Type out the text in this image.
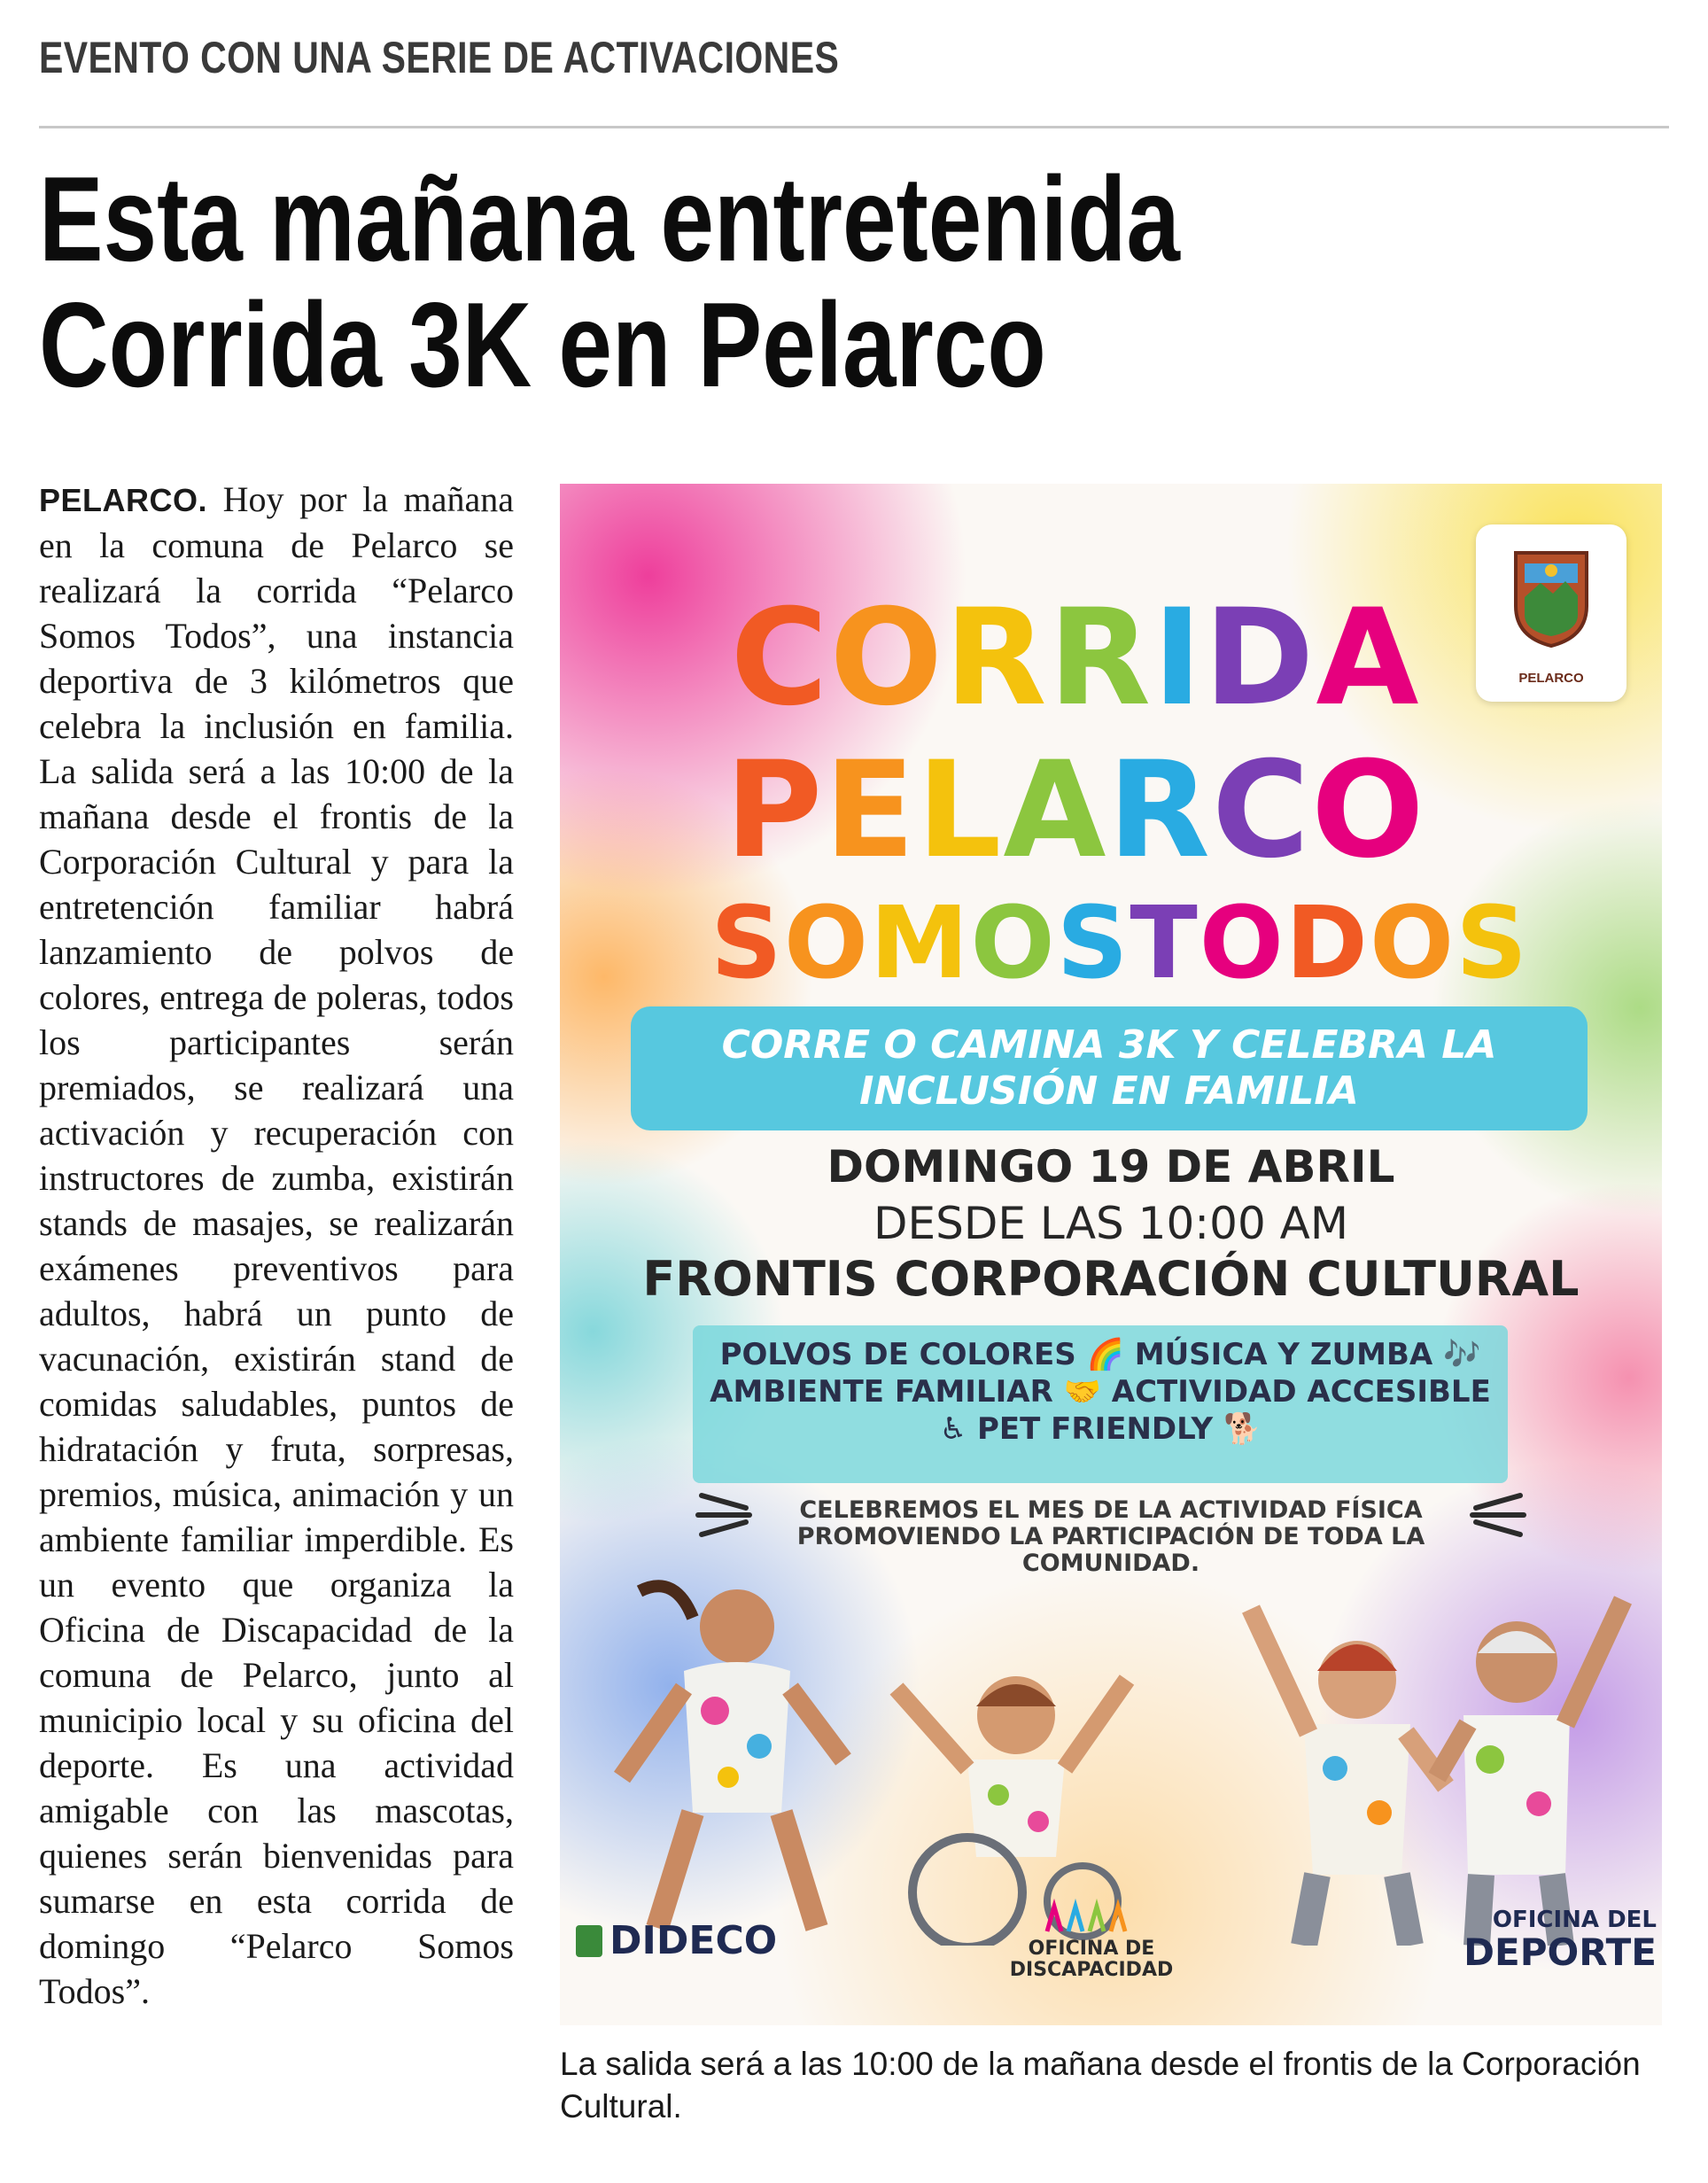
EVENTO CON UNA SERIE DE ACTIVACIONES
Esta mañana entretenida
Corrida 3K en Pelarco
PELARCO. Hoy por la mañana en la comuna de Pelarco se realizará la corrida “Pelarco Somos Todos”, una instancia deportiva de 3 kilómetros que celebra la inclusión en familia. La salida será a las 10:00 de la mañana desde el frontis de la Corporación Cultural y para la entretención familiar habrá lanzamiento de polvos de colores, entrega de poleras, todos los participantes serán premiados, se realizará una activación y recuperación con instructores de zumba, existirán stands de masajes, se realizarán exámenes preventivos para adultos, habrá un punto de vacunación, existirán stand de comidas saludables, puntos de hidratación y fruta, sorpresas, premios, música, animación y un ambiente familiar imperdible. Es un evento que organiza la Oficina de Discapacidad de la comuna de Pelarco, junto al municipio local y su oficina del deporte. Es una actividad amigable con las mascotas, quienes serán bienvenidas para sumarse en esta corrida de domingo “Pelarco Somos Todos”.
PELARCO
CORRIDA
PELARCO
SOMOSTODOS
CORRE O CAMINA 3K Y CELEBRA LA INCLUSIÓN EN FAMILIA
DOMINGO 19 DE ABRIL
DESDE LAS 10:00 AM
FRONTIS CORPORACIÓN CULTURAL
POLVOS DE COLORES 🌈 MÚSICA Y ZUMBA 🎶 AMBIENTE FAMILIAR 🤝 ACTIVIDAD ACCESIBLE ♿ PET FRIENDLY 🐕
CELEBREMOS EL MES DE LA ACTIVIDAD FÍSICA PROMOVIENDO LA PARTICIPACIÓN DE TODA LA COMUNIDAD.
DIDECO	OFICINA DE DISCAPACIDAD
OFICINA DEL
DEPORTE
La salida será a las 10:00 de la mañana desde el frontis de la Corporación Cultural.
